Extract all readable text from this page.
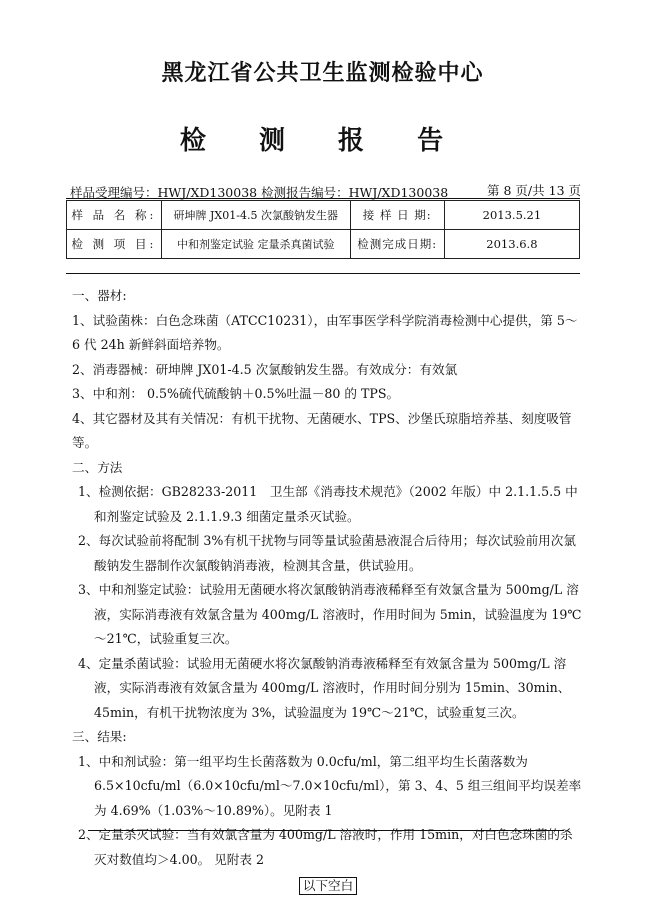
黑龙江省公共卫生监测检验中心
检 测 报 告
样品受理编号：HWJ/XD130038 检测报告编号：HWJ/XD130038	第 8 页/共 13 页
样 品 名 称:	研坤牌 JX01-4.5 次氯酸钠发生器	接 样 日 期:	2013.5.21
检 测 项 目:	中和剂鉴定试验 定量杀真菌试验	检测完成日期:	2013.6.8

一、器材:

1、试验菌株：白色念珠菌（ATCC10231），由军事医学科学院消毒检测中心提供，第 5～6 代 24h 新鲜斜面培养物。

2、消毒器械：研坤牌 JX01-4.5 次氯酸钠发生器。有效成分：有效氯

3、中和剂： 0.5%硫代硫酸钠＋0.5%吐温－80 的 TPS。

4、其它器材及其有关情况：有机干扰物、无菌硬水、TPS、沙堡氏琼脂培养基、刻度吸管等。

二、方法

1、检测依据：GB28233-2011　卫生部《消毒技术规范》（2002 年版）中 2.1.1.5.5 中和剂鉴定试验及 2.1.1.9.3 细菌定量杀灭试验。

2、每次试验前将配制 3%有机干扰物与同等量试验菌悬液混合后待用；每次试验前用次氯酸钠发生器制作次氯酸钠消毒液，检测其含量，供试验用。

3、中和剂鉴定试验：试验用无菌硬水将次氯酸钠消毒液稀释至有效氯含量为 500mg/L 溶液，实际消毒液有效氯含量为 400mg/L 溶液时，作用时间为 5min，试验温度为 19℃～21℃，试验重复三次。

4、定量杀菌试验：试验用无菌硬水将次氯酸钠消毒液稀释至有效氯含量为 500mg/L 溶液，实际消毒液有效氯含量为 400mg/L 溶液时，作用时间分别为 15min、30min、45min，有机干扰物浓度为 3%，试验温度为 19℃～21℃，试验重复三次。

三、结果:

1、中和剂试验：第一组平均生长菌落数为 0.0cfu/ml，第二组平均生长菌落数为 6.5×10cfu/ml（6.0×10cfu/ml～7.0×10cfu/ml），第 3、4、5 组三组间平均误差率为 4.69%（1.03%～10.89%）。见附表 1

2、定量杀灭试验：当有效氯含量为 400mg/L 溶液时，作用 15min，对白色念珠菌的杀灭对数值均＞4.00。 见附表 2

以下空白
